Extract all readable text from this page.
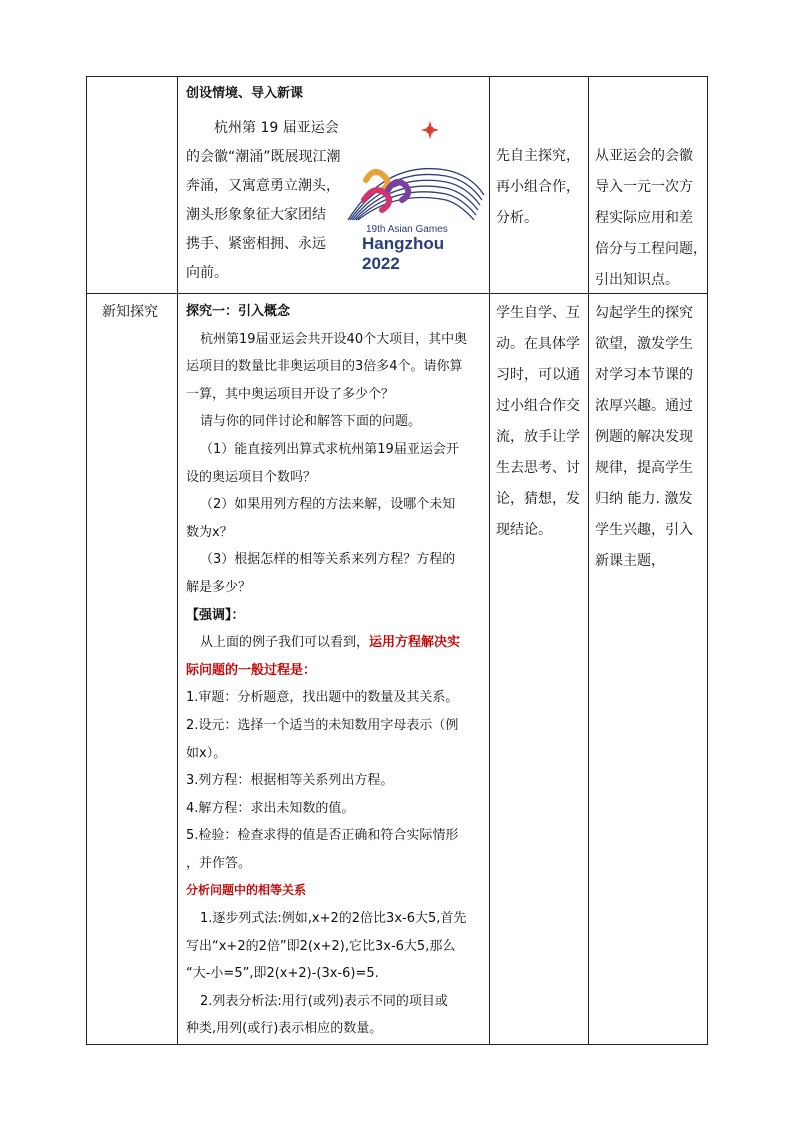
创设情境、导入新课

杭州第 19 届亚运会

的会徽“潮涌”既展现江潮

奔涌，又寓意勇立潮头，

潮头形象象征大家团结

携手、紧密相拥、永远

向前。

19th Asian Games
Hangzhou 2022

先自主探究，

再小组合作，

分析。

从亚运会的会徽

导入一元一次方

程实际应用和差

倍分与工程问题，

引出知识点。

新知探究	探究一：引入概念

杭州第19届亚运会共开设40个大项目，其中奥

运项目的数量比非奥运项目的3倍多4个。请你算

一算，其中奥运项目开设了多少个？

请与你的同伴讨论和解答下面的问题。

（1）能直接列出算式求杭州第19届亚运会开

设的奥运项目个数吗？

（2）如果用列方程的方法来解，设哪个未知

数为x？

（3）根据怎样的相等关系来列方程？方程的

解是多少？

【强调】：

从上面的例子我们可以看到，运用方程解决实

际问题的一般过程是：

1.审题：分析题意，找出题中的数量及其关系。

2.设元：选择一个适当的未知数用字母表示（例

如x）。

3.列方程：根据相等关系列出方程。

4.解方程：求出未知数的值。

5.检验：检查求得的值是否正确和符合实际情形

，并作答。

分析问题中的相等关系

1.逐步列式法:例如,x+2的2倍比3x-6大5,首先

写出“x+2的2倍”即2(x+2),它比3x-6大5,那么

“大-小=5”,即2(x+2)-(3x-6)=5.

2.列表分析法:用行(或列)表示不同的项目或

种类,用列(或行)表示相应的数量。

学生自学、互

动。在具体学

习时，可以通

过小组合作交

流，放手让学

生去思考、讨

论，猜想，发

现结论。

勾起学生的探究

欲望，激发学生

对学习本节课的

浓厚兴趣。通过

例题的解决发现

规律，提高学生

归纳 能力. 激发

学生兴趣，引入

新课主题，
